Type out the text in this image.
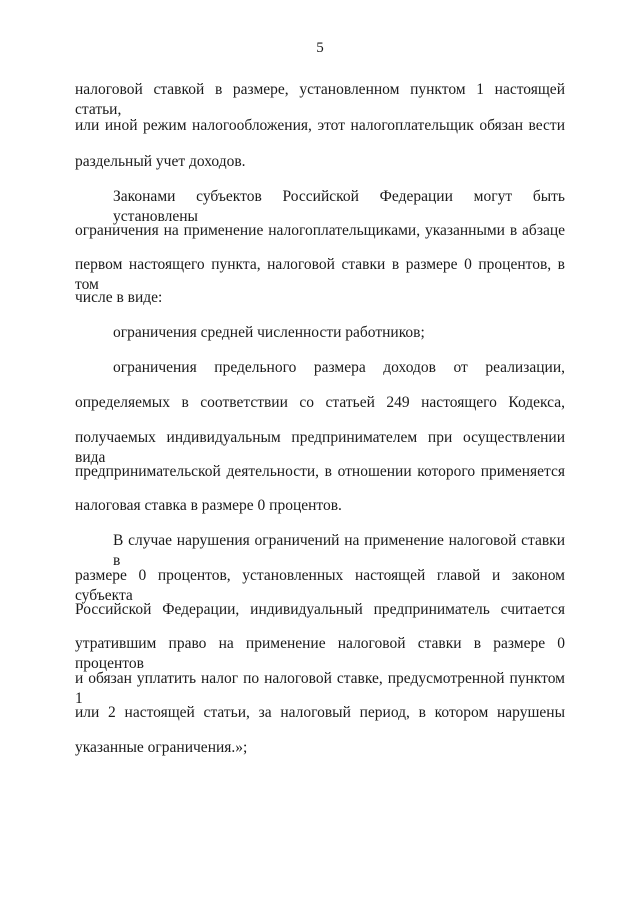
5
налоговой ставкой в размере, установленном пунктом 1 настоящей статьи,
или иной режим налогообложения, этот налогоплательщик обязан вести
раздельный учет доходов.
Законами субъектов Российской Федерации могут быть установлены
ограничения на применение налогоплательщиками, указанными в абзаце
первом настоящего пункта, налоговой ставки в размере 0 процентов, в том
числе в виде:
ограничения средней численности работников;
ограничения предельного размера доходов от реализации,
определяемых в соответствии со статьей 249 настоящего Кодекса,
получаемых индивидуальным предпринимателем при осуществлении вида
предпринимательской деятельности, в отношении которого применяется
налоговая ставка в размере 0 процентов.
В случае нарушения ограничений на применение налоговой ставки в
размере 0 процентов, установленных настоящей главой и законом субъекта
Российской Федерации, индивидуальный предприниматель считается
утратившим право на применение налоговой ставки в размере 0 процентов
и обязан уплатить налог по налоговой ставке, предусмотренной пунктом 1
или 2 настоящей статьи, за налоговый период, в котором нарушены
указанные ограничения.»;
